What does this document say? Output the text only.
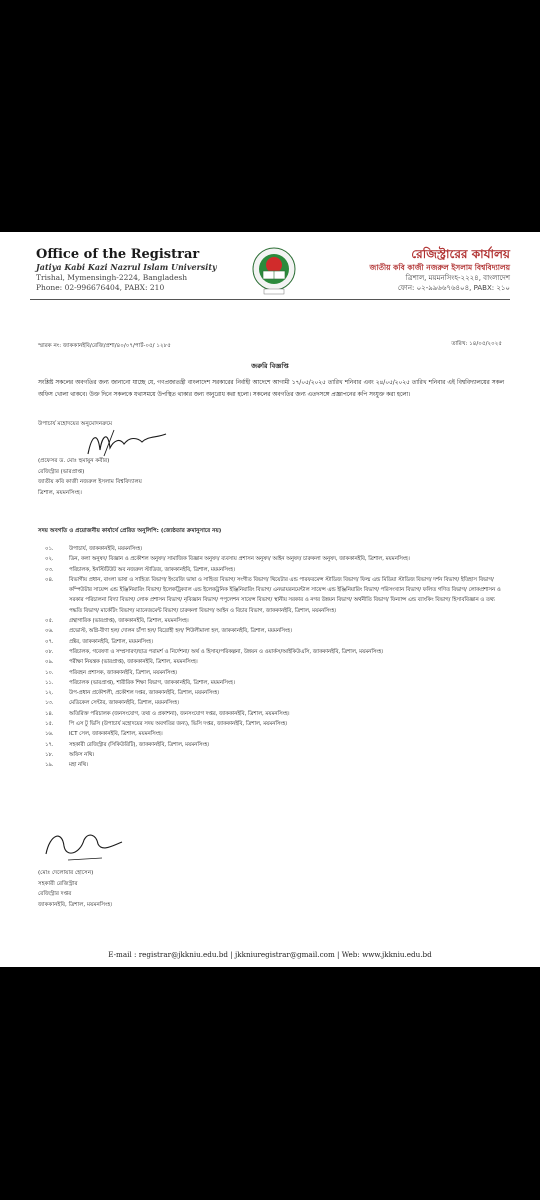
Office of the Registrar
Jatiya Kabi Kazi Nazrul Islam University
Trishal, Mymensingh-2224, Bangladesh
Phone: 02-996676404, PABX: 210
রেজিস্ট্রারের কার্যালয়
জাতীয় কবি কাজী নজরুল ইসলাম বিশ্ববিদ্যালয়
ত্রিশাল, ময়মনসিংহ-২২২৪, বাংলাদেশ
ফোন: ০২-৯৯৬৬৭৬৪০৪, PABX: ২১০
স্মারক নং: জাককানইবি/রেজি/প্রশা/৪০/০৭/পার্ট-০৫/ ১২৮৫	তারিখ: ১৪/০৫/২০২৫
জরুরি বিজ্ঞপ্তি
সংশ্লিষ্ট সকলের অবগতির জন্য জানানো যাচ্ছে যে, গণপ্রজাতন্ত্রী বাংলাদেশ সরকারের নির্বাহী আদেশে আগামী ১৭/০৫/২০২৫ তারিখ শনিবার এবং ২৪/০৫/২০২৫ তারিখ শনিবার এই বিশ্ববিদ্যালয়ের সকল অফিস খোলা থাকবে। উক্ত দিনে সকলকে যথাসময়ে উপস্থিত থাকার জন্য অনুরোধ করা হলো। সকলের অবগতির জন্য এতদসঙ্গে প্রজ্ঞাপনের কপি সংযুক্ত করা হলো।
উপাচার্য মহোদয়ের অনুমোদনক্রমে
(প্রফেসর ড. মোঃ হুমায়ুন কবীর)
রেজিস্ট্রার (ভারপ্রাপ্ত)
জাতীয় কবি কাজী নজরুল ইসলাম বিশ্ববিদ্যালয়
ত্রিশাল, ময়মনসিংহ।
সদয় অবগতি ও প্রয়োজনীয় কার্যার্থে প্রেরিত অনুলিপি: (জ্যেষ্ঠতার ক্রমানুসারে নয়)
০১.	উপাচার্য, জাককানইবি, ময়মনসিংহ।
০২.	ডিন, কলা অনুষদ/ বিজ্ঞান ও প্রকৌশল অনুষদ/ সামাজিক বিজ্ঞান অনুষদ/ ব্যবসায় প্রশাসন অনুষদ/ আইন অনুষদ/ চারুকলা অনুষদ, জাককানইবি, ত্রিশাল, ময়মনসিংহ।
০৩.	পরিচালক, ইনস্টিটিউট অব নজরুল স্টাডিজ, জাককানইবি, ত্রিশাল, ময়মনসিংহ।
০৪.	বিভাগীয় প্রধান, বাংলা ভাষা ও সাহিত্য বিভাগ/ ইংরেজি ভাষা ও সাহিত্য বিভাগ/ সংগীত বিভাগ/ থিয়েটার এন্ড পারফরমেন্স স্টাডিজ বিভাগ/ ফিল্ম এন্ড মিডিয়া স্টাডিজ বিভাগ/ দর্শন বিভাগ/ ইতিহাস বিভাগ/ কম্পিউটার সায়েন্স এন্ড ইঞ্জিনিয়ারিং বিভাগ/ ইলেকট্রিক্যাল এন্ড ইলেকট্রনিক ইঞ্জিনিয়ারিং বিভাগ/ এনভায়রনমেন্টাল সায়েন্স এন্ড ইঞ্জিনিয়ারিং বিভাগ/ পরিসংখ্যান বিভাগ/ ফলিত গণিত বিভাগ/ লোকপ্রশাসন ও সরকার পরিচালনা বিদ্যা বিভাগ/ লোক প্রশাসন বিভাগ/ নৃবিজ্ঞান বিভাগ/ পপুলেশন সায়েন্স বিভাগ/ স্থানীয় সরকার ও নগর উন্নয়ন বিভাগ/ অর্থনীতি বিভাগ/ ফিন্যান্স এন্ড ব্যাংকিং বিভাগ/ হিসাববিজ্ঞান ও তথ্য পদ্ধতি বিভাগ/ মার্কেটিং বিভাগ/ ম্যানেজমেন্ট বিভাগ/ চারুকলা বিভাগ/ আইন ও বিচার বিভাগ, জাককানইবি, ত্রিশাল, ময়মনসিংহ।
০৫.	গ্রন্থাগারিক (ভারপ্রাপ্ত), জাককানইবি, ত্রিশাল, ময়মনসিংহ।
০৬.	প্রভোস্ট, অগ্নি-বীণা হল/ দোলন চাঁপা হল/ বিদ্রোহী হল/ শিউলীমালা হল, জাককানইবি, ত্রিশাল, ময়মনসিংহ।
০৭.	প্রক্টর, জাককানইবি, ত্রিশাল, ময়মনসিংহ।
০৮.	পরিচালক, গবেষণা ও সম্প্রসারণ/ছাত্র পরামর্শ ও নির্দেশনা/ অর্থ ও হিসাব/পরিকল্পনা, উন্নয়ন ও ওয়ার্কস/আইকিউএসি, জাককানইবি, ত্রিশাল, ময়মনসিংহ।
০৯.	পরীক্ষা নিয়ন্ত্রক (ভারপ্রাপ্ত), জাককানইবি, ত্রিশাল, ময়মনসিংহ।
১০.	পরিবহন প্রশাসক, জাককানইবি, ত্রিশাল, ময়মনসিংহ।
১১.	পরিচালক (ভারপ্রাপ্ত), শারীরিক শিক্ষা বিভাগ, জাককানইবি, ত্রিশাল, ময়মনসিংহ।
১২.	উপ-প্রধান প্রকৌশলী, প্রকৌশল দপ্তর, জাককানইবি, ত্রিশাল, ময়মনসিংহ।
১৩.	মেডিকেল সেন্টার, জাককানইবি, ত্রিশাল, ময়মনসিংহ।
১৪.	অতিরিক্ত পরিচালক (জনসংযোগ, তথ্য ও প্রকাশনা), জনসংযোগ দপ্তর, জাককানইবি, ত্রিশাল, ময়মনসিংহ।
১৫.	পি এস টু ভিসি (উপাচার্য মহোদয়ের সদয় অবগতির জন্য), ভিসি দপ্তর, জাককানইবি, ত্রিশাল, ময়মনসিংহ।
১৬.	ICT সেল, জাককানইবি, ত্রিশাল, ময়মনসিংহ।
১৭.	সহকারী রেজিস্ট্রার (সিকিউরিটি), জাককানইবি, ত্রিশাল, ময়মনসিংহ।
১৮.	অফিস নথি।
১৯.	মহা নথি।
(মোঃ দেলোয়ার হোসেন)
সহকারী রেজিস্ট্রার
রেজিস্ট্রার দপ্তর
জাককানইবি, ত্রিশাল, ময়মনসিংহ।
E-mail : registrar@jkkniu.edu.bd | jkkniuregistrar@gmail.com | Web: www.jkkniu.edu.bd
